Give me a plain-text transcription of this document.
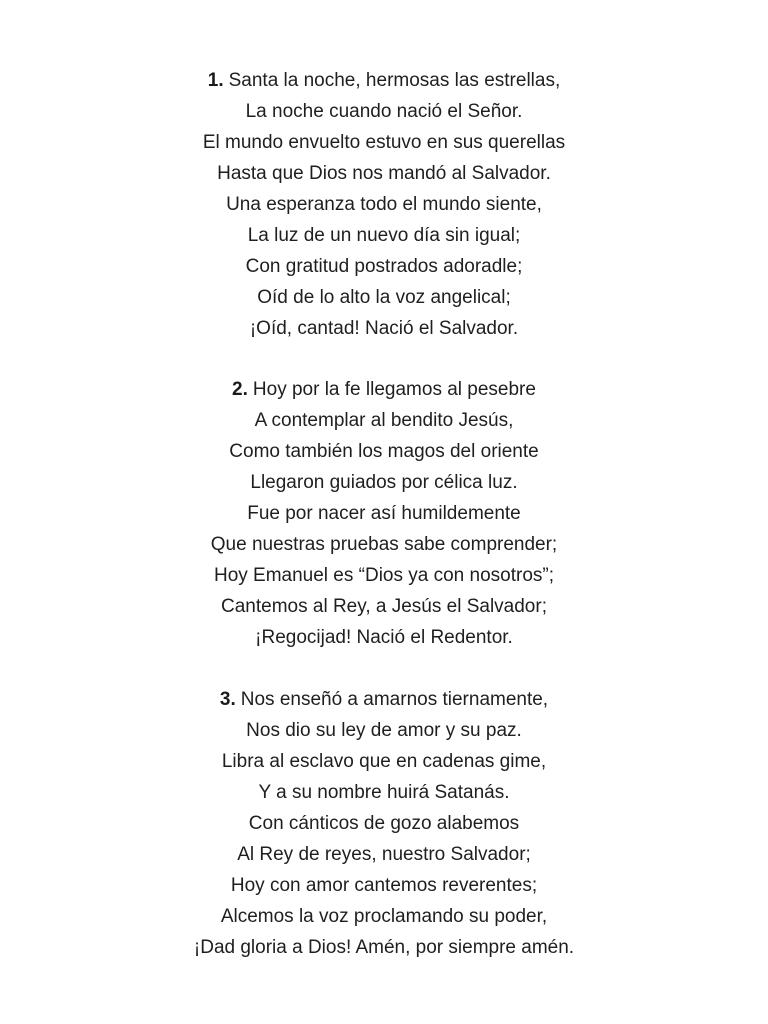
1. Santa la noche, hermosas las estrellas,
La noche cuando nació el Señor.
El mundo envuelto estuvo en sus querellas
Hasta que Dios nos mandó al Salvador.
Una esperanza todo el mundo siente,
La luz de un nuevo día sin igual;
Con gratitud postrados adoradle;
Oíd de lo alto la voz angelical;
¡Oíd, cantad! Nació el Salvador.
2. Hoy por la fe llegamos al pesebre
A contemplar al bendito Jesús,
Como también los magos del oriente
Llegaron guiados por célica luz.
Fue por nacer así humildemente
Que nuestras pruebas sabe comprender;
Hoy Emanuel es “Dios ya con nosotros”;
Cantemos al Rey, a Jesús el Salvador;
¡Regocijad! Nació el Redentor.
3. Nos enseñó a amarnos tiernamente,
Nos dio su ley de amor y su paz.
Libra al esclavo que en cadenas gime,
Y a su nombre huirá Satanás.
Con cánticos de gozo alabemos
Al Rey de reyes, nuestro Salvador;
Hoy con amor cantemos reverentes;
Alcemos la voz proclamando su poder,
¡Dad gloria a Dios! Amén, por siempre amén.
